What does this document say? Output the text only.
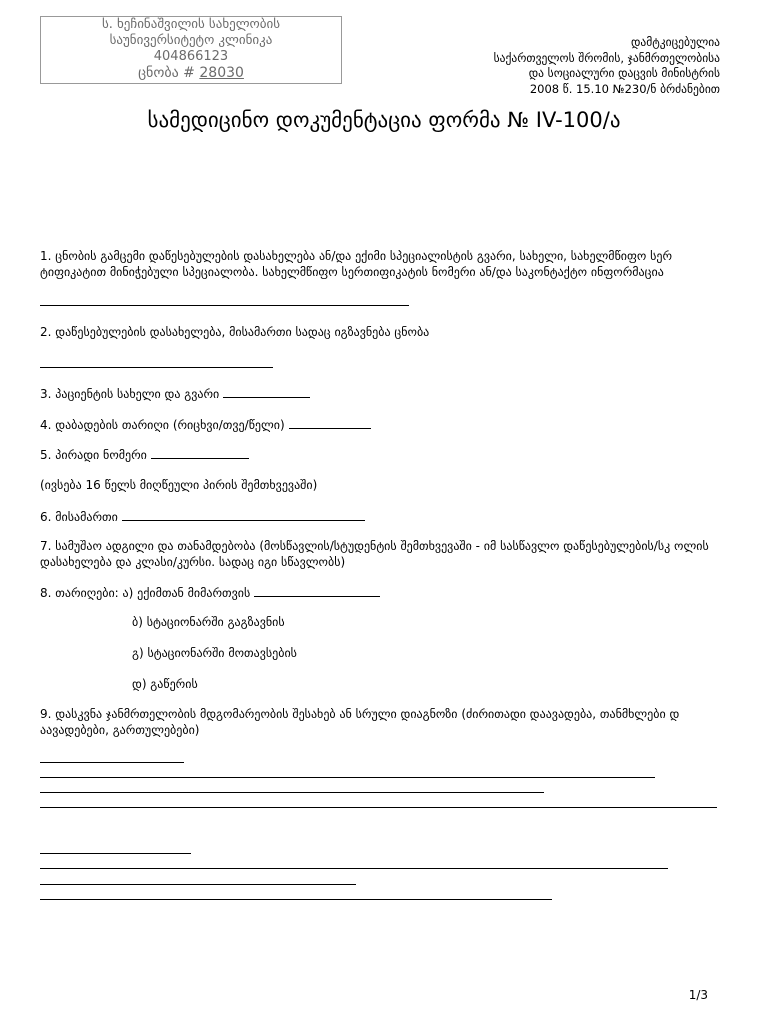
ს. ხეჩინაშვილის სახელობის
საუნივერსიტეტო კლინიკა
404866123
ცნობა # 28030
დამტკიცებულია
საქართველოს შრომის, ჯანმრთელობისა
და სოციალური დაცვის მინისტრის
2008 წ. 15.10 №230/ნ ბრძანებით
სამედიცინო დოკუმენტაცია ფორმა № IV-100/ა
1. ცნობის გამცემი დაწესებულების დასახელება ან/და ექიმი სპეციალისტის გვარი, სახელი, სახელმწიფო სერ ტიფიკატით მინიჭებული სპეციალობა. სახელმწიფო სერთიფიკატის ნომერი ან/და საკონტაქტო ინფორმაცია
2. დაწესებულების დასახელება, მისამართი სადაც იგზავნება ცნობა
3. პაციენტის სახელი და გვარი
4. დაბადების თარიღი (რიცხვი/თვე/წელი)
5. პირადი ნომერი
(ივსება 16 წელს მიღწეული პირის შემთხვევაში)
6. მისამართი
7. სამუშაო ადგილი და თანამდებობა (მოსწავლის/სტუდენტის შემთხვევაში - იმ სასწავლო დაწესებულების/სკ ოლის დასახელება და კლასი/კურსი. სადაც იგი სწავლობს)
8. თარიღები: ა) ექიმთან მიმართვის
ბ) სტაციონარში გაგზავნის
გ) სტაციონარში მოთავსების
დ) გაწერის
9. დასკვნა ჯანმრთელობის მდგომარეობის შესახებ ან სრული დიაგნოზი (ძირითადი დაავადება, თანმხლები დ აავადებები, გართულებები)
1/3
